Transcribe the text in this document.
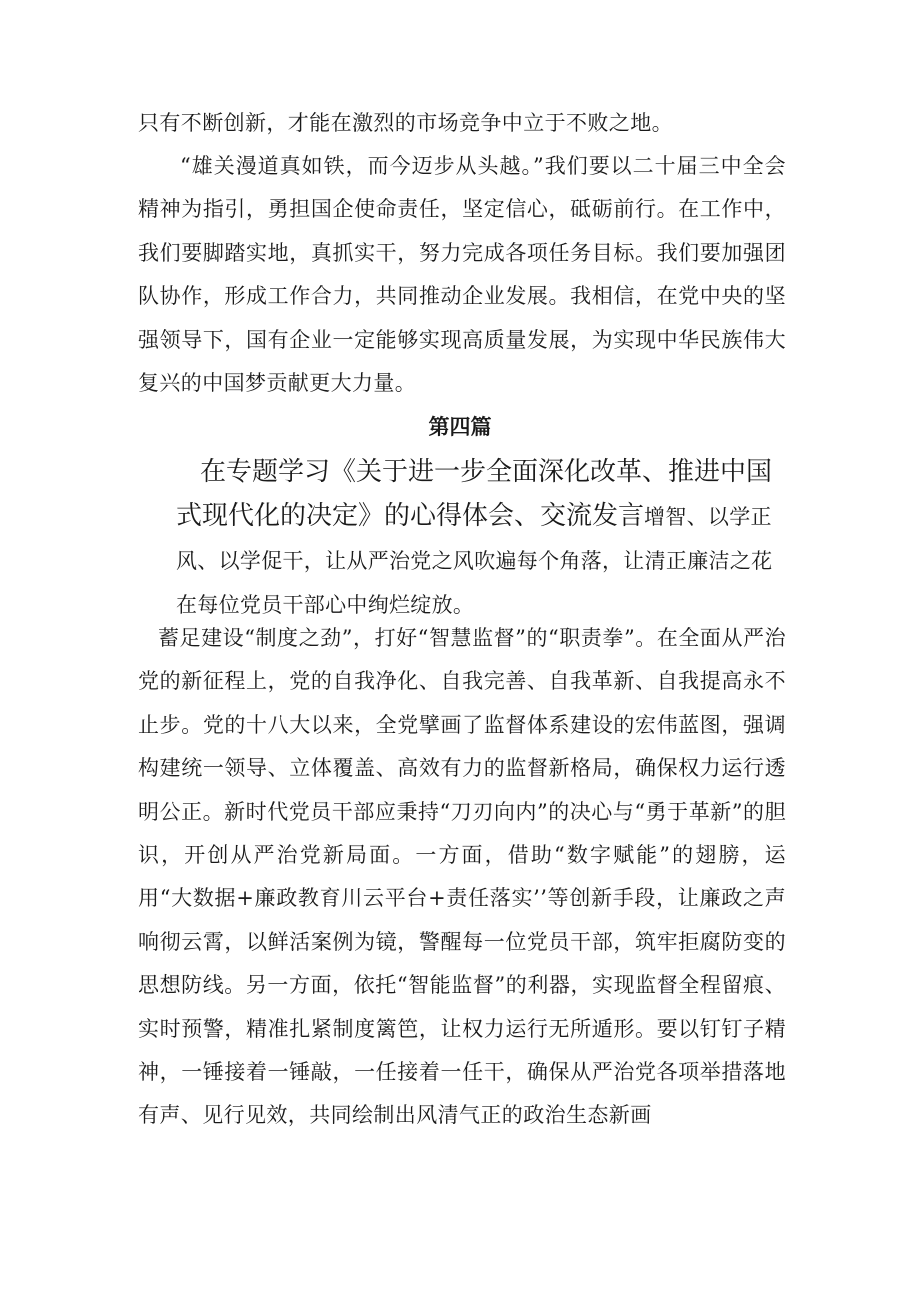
只有不断创新，才能在激烈的市场竞争中立于不败之地。

“雄关漫道真如铁，而今迈步从头越。”我们要以二十届三中全会精神为指引，勇担国企使命责任，坚定信心，砥砺前行。在工作中，我们要脚踏实地，真抓实干，努力完成各项任务目标。我们要加强团队协作，形成工作合力，共同推动企业发展。我相信，在党中央的坚强领导下，国有企业一定能够实现高质量发展，为实现中华民族伟大复兴的中国梦贡献更大力量。

第四篇
在专题学习《关于进一步全面深化改革、推进中国
式现代化的决定》的心得体会、交流发言增智、以学正
风、以学促干，让从严治党之风吹遍每个角落，让清正廉洁之花
在每位党员干部心中绚烂绽放。

蓄足建设“制度之劲”，打好“智慧监督”的“职责拳”。在全面从严治党的新征程上，党的自我净化、自我完善、自我革新、自我提高永不止步。党的十八大以来，全党擘画了监督体系建设的宏伟蓝图，强调构建统一领导、立体覆盖、高效有力的监督新格局，确保权力运行透明公正。新时代党员干部应秉持“刀刃向内”的决心与“勇于革新”的胆识，开创从严治党新局面。一方面，借助“数字赋能”的翅膀，运用“大数据+廉政教育川云平台+责任落实’’等创新手段，让廉政之声响彻云霄，以鲜活案例为镜，警醒每一位党员干部，筑牢拒腐防变的思想防线。另一方面，依托“智能监督”的利器，实现监督全程留痕、实时预警，精准扎紧制度篱笆，让权力运行无所遁形。要以钉钉子精神，一锤接着一锤敲，一任接着一任干，确保从严治党各项举措落地有声、见行见效，共同绘制出风清气正的政治生态新画
